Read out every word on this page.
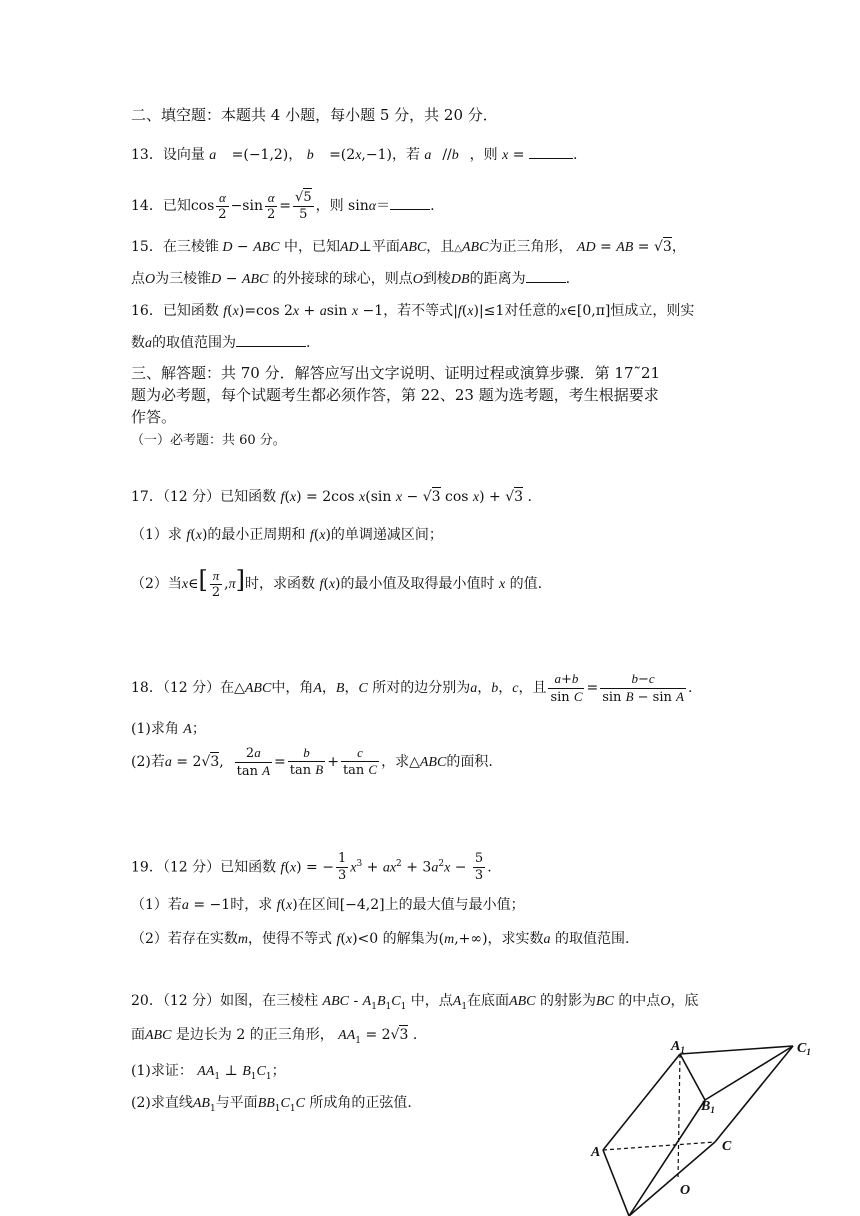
二、填空题：本题共 4 小题，每小题 5 分，共 20 分．
13．设向量 a⃗ =(−1,2)， b⃗ =(2x,−1)，若 a⃗//b⃗，则 x =	.
14．已知$\cos \frac{\alpha}{2} -\sin \frac{\alpha}{2} = \frac{√5}{5}$ ，则 sinα＝	.
15．在三棱锥 D − ABC 中，已知AD⊥平面ABC，且△ABC为正三角形， AD = AB = √3，
点O为三棱锥D − ABC 的外接球的球心，则点O到棱DB的距离为	.
16．已知函数 f(x)=cos 2x + asin x −1，若不等式|f(x)|≤1对任意的x∈[0,π]恒成立，则实
数a的取值范围为	.
三、解答题：共 70 分．解答应写出文字说明、证明过程或演算步骤．第 17˜21
题为必考题，每个试题考生都必须作答，第 22、23 题为选考题，考生根据要求
作答。
（一）必考题：共 60 分。
17．（12 分）已知函数 f(x) = 2cos x(sin x − √3 cos x) + √3 .
（1）求 f(x)的最小正周期和 f(x)的单调递减区间；
（2）当x∈[ $\frac{\pi}{2} ,\pi$]时，求函数 f(x)的最小值及取得最小值时 x 的值.
18．（12 分）在△ABC中，角A，B，C 所对的边分别为a，b，c，且 $\frac{a+b}{\text{sin C}} = \frac{b-c}{\text{sin B − sin A}}$ .
(1)求角 A；
(2)若a = 2√3, $\frac{2a}{\text{tan A}} = \frac{b}{\text{tan B}} + \frac{c}{\text{tan C}}$ ，求△ABC的面积.
19．（12 分）已知函数 f(x) = − $\frac{1}{3} x^3 + ax^2 + 3a^2x - \frac{5}{3}$ .
（1）若a = −1时，求 f(x)在区间[−4,2]上的最大值与最小值；
（2）若存在实数m，使得不等式 f(x)<0 的解集为(m,+∞)，求实数a 的取值范围.
20．（12 分）如图，在三棱柱 ABC - $A_1B_1C_1$ 中，点$A_1$在底面ABC 的射影为BC 的中点O，底
面ABC 是边长为 2 的正三角形， $AA_1 = 2√3$ .
(1)求证： $AA_1$ ⊥ $B_1C_1$；
(2)求直线$AB_1$与平面$BB_1C_1C$ 所成角的正弦值.
$A_1$	$C_1$
$B_1$
A	C
O
